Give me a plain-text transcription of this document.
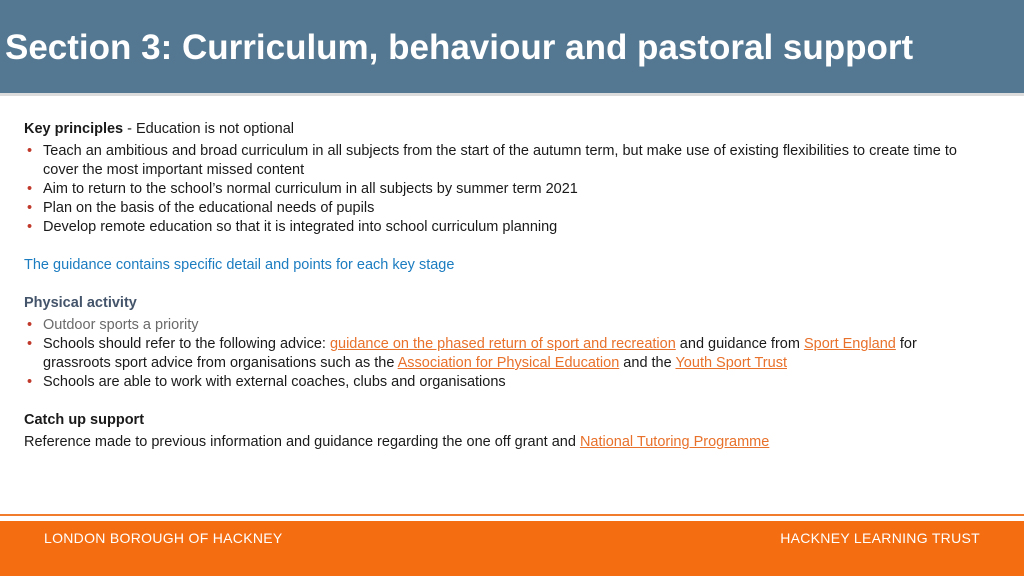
Section 3: Curriculum, behaviour and pastoral support

Key principles - Education is not optional

• Teach an ambitious and broad curriculum in all subjects from the start of the autumn term, but make use of existing flexibilities to create time to cover the most important missed content
• Aim to return to the school’s normal curriculum in all subjects by summer term 2021
• Plan on the basis of the educational needs of pupils
• Develop remote education so that it is integrated into school curriculum planning

The guidance contains specific detail and points for each key stage

Physical activity

• Outdoor sports a priority
• Schools should refer to the following advice: guidance on the phased return of sport and recreation and guidance from Sport England for grassroots sport advice from organisations such as the Association for Physical Education and the Youth Sport Trust
• Schools are able to work with external coaches, clubs and organisations

Catch up support

Reference made to previous information and guidance regarding the one off grant and National Tutoring Programme

LONDON BOROUGH OF HACKNEY	HACKNEY LEARNING TRUST
